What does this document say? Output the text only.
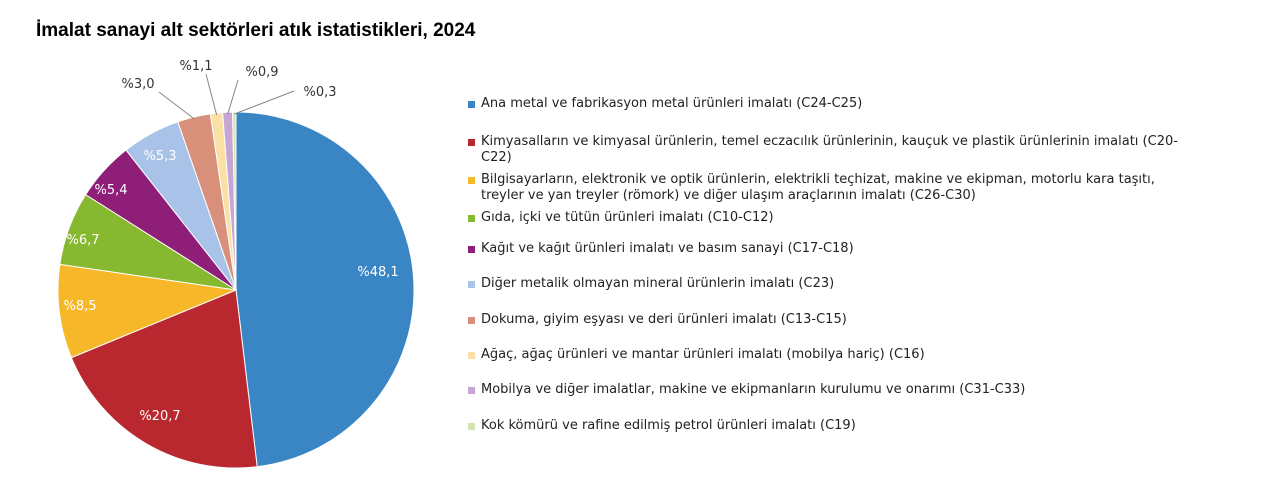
İmalat sanayi alt sektörleri atık istatistikleri, 2024
%48,1
%20,7
%8,5
%6,7
%5,4
%5,3
%3,0
%1,1	%0,9
%0,3
Ana metal ve fabrikasyon metal ürünleri imalatı (C24-C25)
Kimyasalların ve kimyasal ürünlerin, temel eczacılık ürünlerinin, kauçuk ve plastik ürünlerinin imalatı (C20-C22)
Bilgisayarların, elektronik ve optik ürünlerin, elektrikli teçhizat, makine ve ekipman, motorlu kara taşıtı, treyler ve yan treyler (römork) ve diğer ulaşım araçlarının imalatı (C26-C30)
Gıda, içki ve tütün ürünleri imalatı (C10-C12)
Kağıt ve kağıt ürünleri imalatı ve basım sanayi (C17-C18)
Diğer metalik olmayan mineral ürünlerin imalatı (C23)
Dokuma, giyim eşyası ve deri ürünleri imalatı (C13-C15)
Ağaç, ağaç ürünleri ve mantar ürünleri imalatı (mobilya hariç) (C16)
Mobilya ve diğer imalatlar, makine ve ekipmanların kurulumu ve onarımı (C31-C33)
Kok kömürü ve rafine edilmiş petrol ürünleri imalatı (C19)
